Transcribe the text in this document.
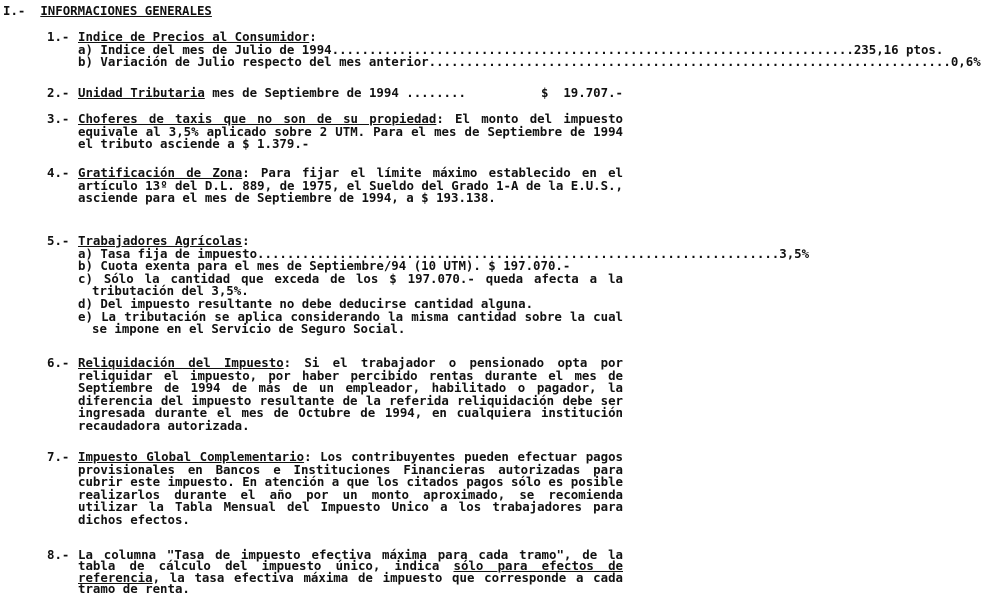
I.- INFORMACIONES GENERALES
1.- Indice de Precios al Consumidor:
a) Indice del mes de Julio de 1994 ...................................................................... 235,16 ptos.
b) Variación de Julio respecto del mes anterior ...................................................................... 0,6%
2.- Unidad Tributaria mes de Septiembre de 1994 ........	$  19.707.-
3.- Choferes de taxis que no son de su propiedad: El monto del impuesto equivale al 3,5% aplicado sobre 2 UTM. Para el mes de Septiembre de 1994 el tributo asciende a $ 1.379.-
4.- Gratificación de Zona: Para fijar el límite máximo establecido en el artículo 13º del D.L. 889, de 1975, el Sueldo del Grado 1-A de la E.U.S., asciende para el mes de Septiembre de 1994, a $ 193.138.
5.- Trabajadores Agrícolas:
a) Tasa fija de impuesto ...................................................................... 3,5%
b) Cuota exenta para el mes de Septiembre/94 (10 UTM). $ 197.070.-
c) Sólo la cantidad que exceda de los $ 197.070.- queda afecta a la tributación del 3,5%.
d) Del impuesto resultante no debe deducirse cantidad alguna.
e) La tributación se aplica considerando la misma cantidad sobre la cual se impone en el Servicio de Seguro Social.
6.- Reliquidación del Impuesto: Si el trabajador o pensionado opta por reliquidar el impuesto, por haber percibido rentas durante el mes de Septiembre de 1994 de más de un empleador, habilitado o pagador, la diferencia del impuesto resultante de la referida reliquidación debe ser ingresada durante el mes de Octubre de 1994, en cualquiera institución recaudadora autorizada.
7.- Impuesto Global Complementario: Los contribuyentes pueden efectuar pagos provisionales en Bancos e Instituciones Financieras autorizadas para cubrir este impuesto. En atención a que los citados pagos sólo es posible realizarlos durante el año por un monto aproximado, se recomienda utilizar la Tabla Mensual del Impuesto Unico a los trabajadores para dichos efectos.
8.- La columna "Tasa de impuesto efectiva máxima para cada tramo", de la tabla de cálculo del impuesto único, indica sólo para efectos de referencia, la tasa efectiva máxima de impuesto que corresponde a cada tramo de renta.
